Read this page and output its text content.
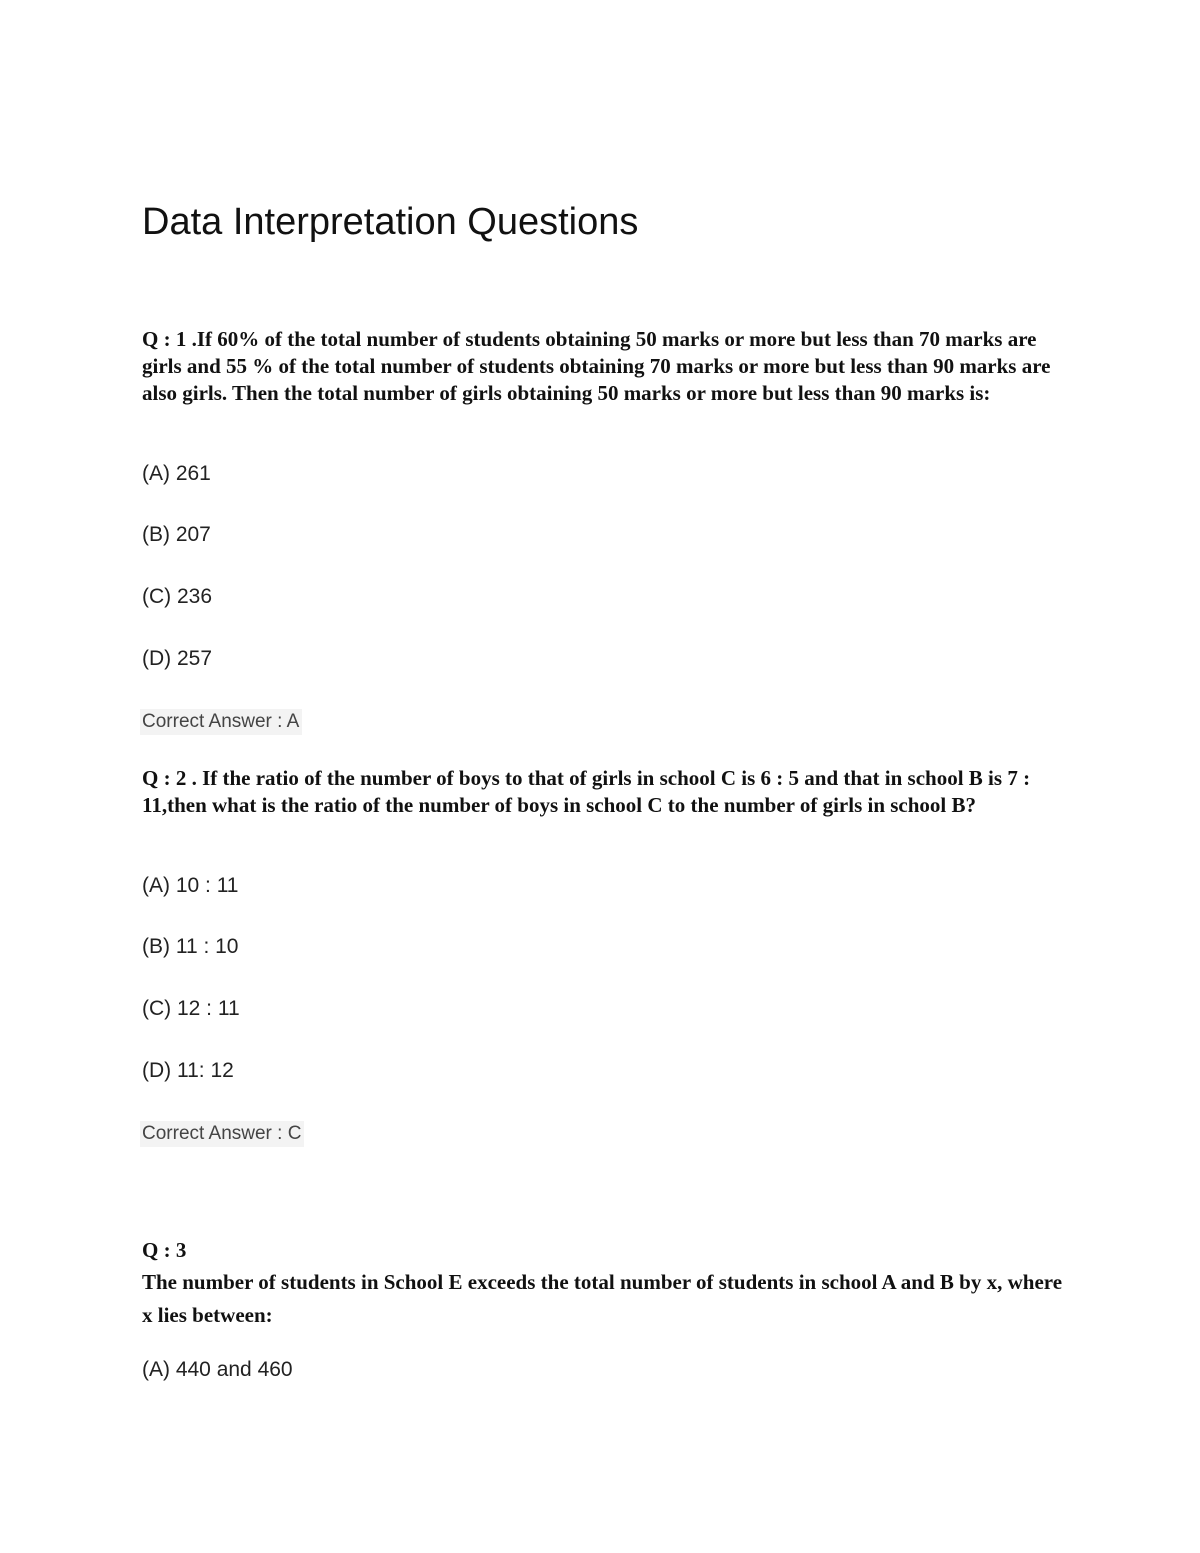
Data Interpretation Questions

Q : 1 .If 60% of the total number of students obtaining 50 marks or more but less than 70 marks are girls and 55 % of the total number of students obtaining 70 marks or more but less than 90 marks are also girls. Then the total number of girls obtaining 50 marks or more but less than 90 marks is:

(A) 261

(B) 207

(C) 236

(D) 257

Correct Answer : A

Q : 2 . If the ratio of the number of boys to that of girls in school C is 6 : 5 and that in school B is 7 : 11,then what is the ratio of the number of boys in school C to the number of girls in school B?

(A) 10 : 11

(B) 11 : 10

(C) 12 : 11

(D) 11: 12

Correct Answer : C

Q : 3

The number of students in School E exceeds the total number of students in school A and B by x, where x lies between:

(A) 440 and 460
